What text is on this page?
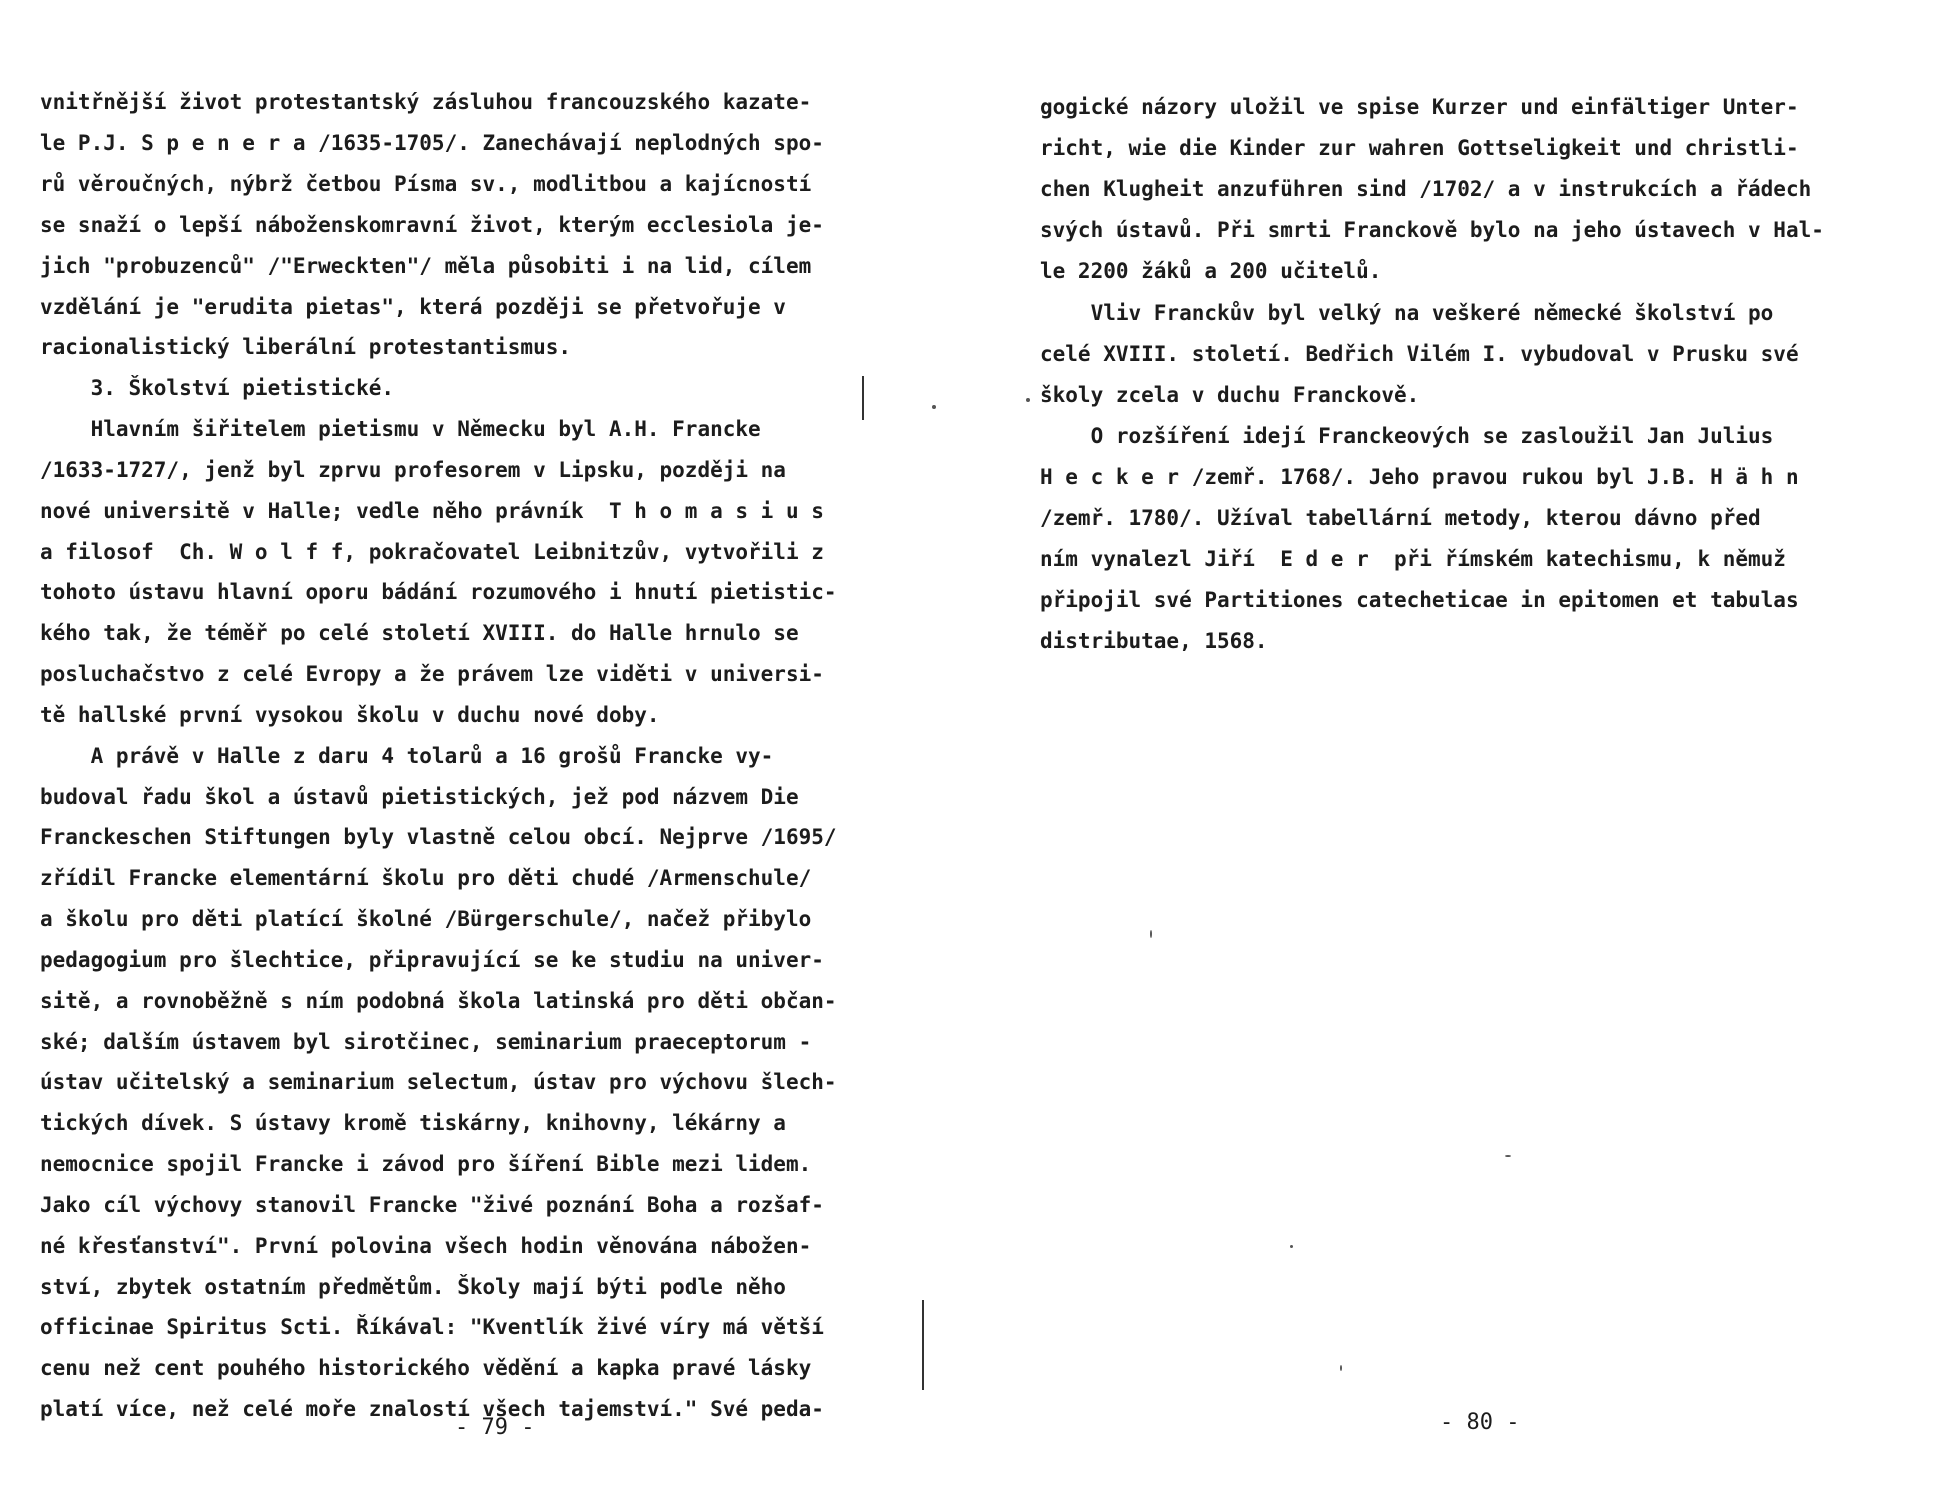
vnitřnější život protestantský zásluhou francouzského kazate-
le P.J. S p e n e r a /1635-1705/. Zanechávají neplodných spo-
rů věroučných, nýbrž četbou Písma sv., modlitbou a kajícností
se snaží o lepší náboženskomravní život, kterým ecclesiola je-
jich "probuzenců" /"Erweckten"/ měla působiti i na lid, cílem
vzdělání je "erudita pietas", která později se přetvořuje v
racionalistický liberální protestantismus.
3. Školství pietistické.
Hlavním šiřitelem pietismu v Německu byl A.H. Francke
/1633-1727/, jenž byl zprvu profesorem v Lipsku, později na
nové universitě v Halle; vedle něho právník  T h o m a s i u s
a filosof  Ch. W o l f f, pokračovatel Leibnitzův, vytvořili z
tohoto ústavu hlavní oporu bádání rozumového i hnutí pietistic-
kého tak, že téměř po celé století XVIII. do Halle hrnulo se
posluchačstvo z celé Evropy a že právem lze viděti v universi-
tě hallské první vysokou školu v duchu nové doby.
A právě v Halle z daru 4 tolarů a 16 grošů Francke vy-
budoval řadu škol a ústavů pietistických, jež pod názvem Die
Franckeschen Stiftungen byly vlastně celou obcí. Nejprve /1695/
zřídil Francke elementární školu pro děti chudé /Armenschule/
a školu pro děti platící školné /Bürgerschule/, načež přibylo
pedagogium pro šlechtice, připravující se ke studiu na univer-
sitě, a rovnoběžně s ním podobná škola latinská pro děti občan-
ské; dalším ústavem byl sirotčinec, seminarium praeceptorum -
ústav učitelský a seminarium selectum, ústav pro výchovu šlech-
tických dívek. S ústavy kromě tiskárny, knihovny, lékárny a
nemocnice spojil Francke i závod pro šíření Bible mezi lidem.
Jako cíl výchovy stanovil Francke "živé poznání Boha a rozšaf-
né křesťanství". První polovina všech hodin věnována nábožen-
ství, zbytek ostatním předmětům. Školy mají býti podle něho
officinae Spiritus Scti. Říkával: "Kventlík živé víry má větší
cenu než cent pouhého historického vědění a kapka pravé lásky
platí více, než celé moře znalostí všech tajemství." Své peda-
- 79 -
gogické názory uložil ve spise Kurzer und einfältiger Unter-
richt, wie die Kinder zur wahren Gottseligkeit und christli-
chen Klugheit anzuführen sind /1702/ a v instrukcích a řádech
svých ústavů. Při smrti Franckově bylo na jeho ústavech v Hal-
le 2200 žáků a 200 učitelů.
Vliv Franckův byl velký na veškeré německé školství po
celé XVIII. století. Bedřich Vilém I. vybudoval v Prusku své
školy zcela v duchu Franckově.
O rozšíření idejí Franckeových se zasloužil Jan Julius
H e c k e r /zemř. 1768/. Jeho pravou rukou byl J.B. H ä h n
/zemř. 1780/. Užíval tabellární metody, kterou dávno před
ním vynalezl Jiří  E d e r  při římském katechismu, k němuž
připojil své Partitiones catecheticae in epitomen et tabulas
distributae, 1568.
- 80 -
